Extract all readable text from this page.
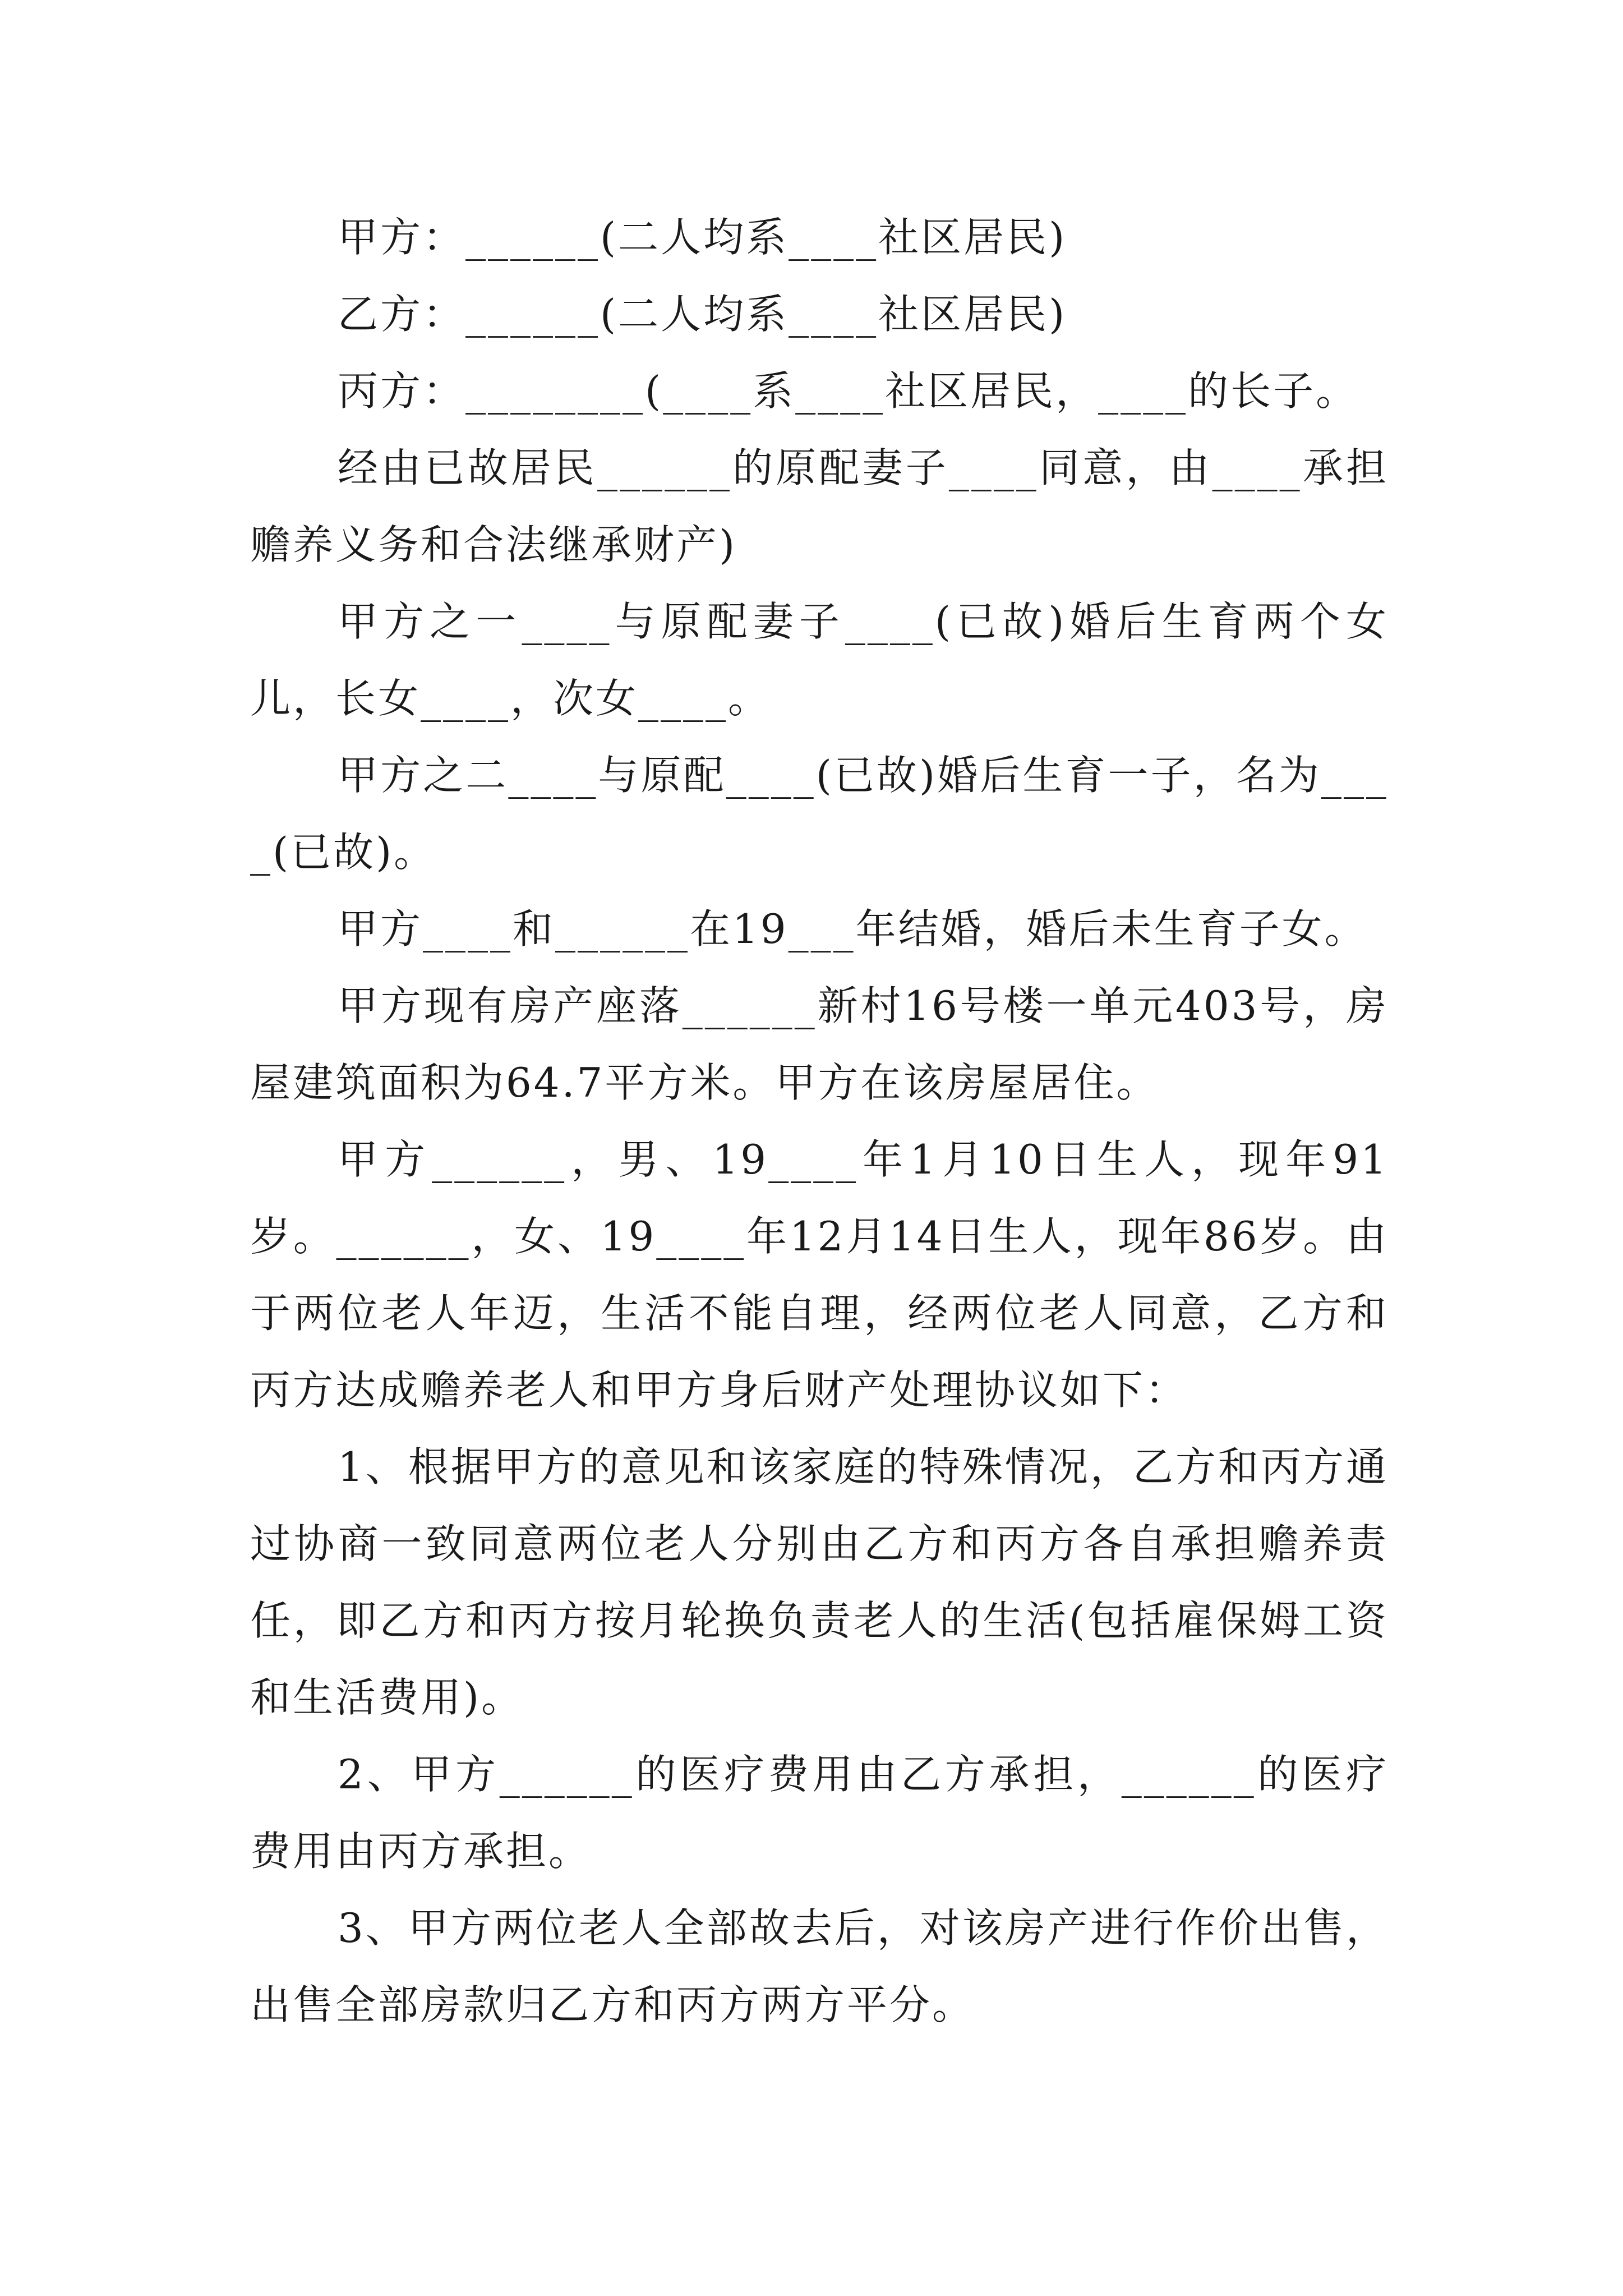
甲方：______(二人均系____社区居民)

乙方：______(二人均系____社区居民)

丙方：________(____系____社区居民，____的长子。

经由已故居民______的原配妻子____同意，由____承担赡养义务和合法继承财产)

甲方之一____与原配妻子____(已故)婚后生育两个女儿，长女____，次女____。

甲方之二____与原配____(已故)婚后生育一子，名为____(已故)。

甲方____和______在19___年结婚，婚后未生育子女。

甲方现有房产座落______新村16号楼一单元403号，房屋建筑面积为64.7平方米。甲方在该房屋居住。

甲方______，男、19____年1月10日生人，现年91岁。______，女、19____年12月14日生人，现年86岁。由于两位老人年迈，生活不能自理，经两位老人同意，乙方和丙方达成赡养老人和甲方身后财产处理协议如下：

1、根据甲方的意见和该家庭的特殊情况，乙方和丙方通过协商一致同意两位老人分别由乙方和丙方各自承担赡养责任，即乙方和丙方按月轮换负责老人的生活(包括雇保姆工资和生活费用)。

2、甲方______的医疗费用由乙方承担，______的医疗费用由丙方承担。

3、甲方两位老人全部故去后，对该房产进行作价出售，出售全部房款归乙方和丙方两方平分。
